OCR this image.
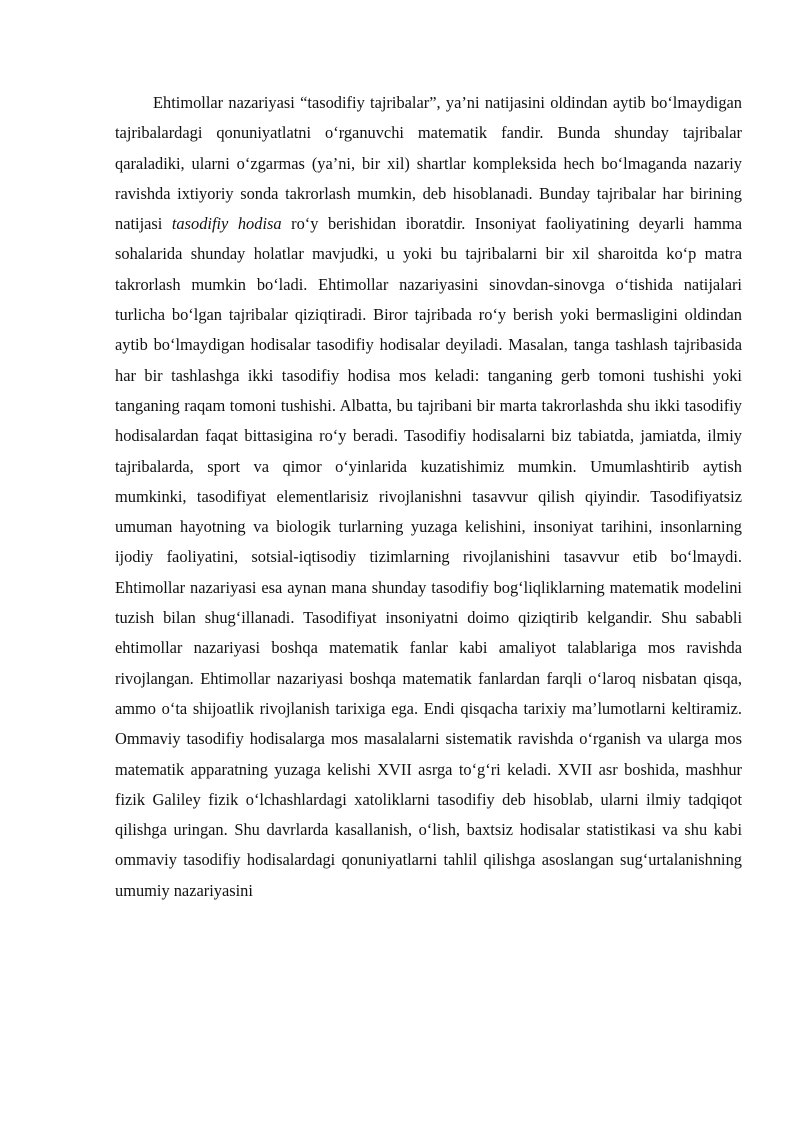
Ehtimollar nazariyasi “tasodifiy tajribalar”, ya’ni natijasini oldindan aytib bo‘lmaydigan tajribalardagi qonuniyatlatni o‘rganuvchi matematik fandir. Bunda shunday tajribalar qaraladiki, ularni o‘zgarmas (ya’ni, bir xil) shartlar kompleksida hech bo‘lmaganda nazariy ravishda ixtiyoriy sonda takrorlash mumkin, deb hisoblanadi. Bunday tajribalar har birining natijasi tasodifiy hodisa ro‘y berishidan iboratdir. Insoniyat faoliyatining deyarli hamma sohalarida shunday holatlar mavjudki, u yoki bu tajribalarni bir xil sharoitda ko‘p matra takrorlash mumkin bo‘ladi. Ehtimollar nazariyasini sinovdan-sinovga o‘tishida natijalari turlicha bo‘lgan tajribalar qiziqtiradi. Biror tajribada ro‘y berish yoki bermasligini oldindan aytib bo‘lmaydigan hodisalar tasodifiy hodisalar deyiladi. Masalan, tanga tashlash tajribasida har bir tashlashga ikki tasodifiy hodisa mos keladi: tanganing gerb tomoni tushishi yoki tanganing raqam tomoni tushishi. Albatta, bu tajribani bir marta takrorlashda shu ikki tasodifiy hodisalardan faqat bittasigina ro‘y beradi. Tasodifiy hodisalarni biz tabiatda, jamiatda, ilmiy tajribalarda, sport va qimor o‘yinlarida kuzatishimiz mumkin. Umumlashtirib aytish mumkinki, tasodifiyat elementlarisiz rivojlanishni tasavvur qilish qiyindir. Tasodifiyatsiz umuman hayotning va biologik turlarning yuzaga kelishini, insoniyat tarihini, insonlarning ijodiy faoliyatini, sotsial-iqtisodiy tizimlarning rivojlanishini tasavvur etib bo‘lmaydi. Ehtimollar nazariyasi esa aynan mana shunday tasodifiy bog‘liqliklarning matematik modelini tuzish bilan shug‘illanadi. Tasodifiyat insoniyatni doimo qiziqtirib kelgandir. Shu sababli ehtimollar nazariyasi boshqa matematik fanlar kabi amaliyot talablariga mos ravishda rivojlangan. Ehtimollar nazariyasi boshqa matematik fanlardan farqli o‘laroq nisbatan qisqa, ammo o‘ta shijoatlik rivojlanish tarixiga ega. Endi qisqacha tarixiy ma’lumotlarni keltiramiz. Ommaviy tasodifiy hodisalarga mos masalalarni sistematik ravishda o‘rganish va ularga mos matematik apparatning yuzaga kelishi XVII asrga to‘g‘ri keladi. XVII asr boshida, mashhur fizik Galiley fizik o‘lchashlardagi xatoliklarni tasodifiy deb hisoblab, ularni ilmiy tadqiqot qilishga uringan. Shu davrlarda kasallanish, o‘lish, baxtsiz hodisalar statistikasi va shu kabi ommaviy tasodifiy hodisalardagi qonuniyatlarni tahlil qilishga asoslangan sug‘urtalanishning umumiy nazariyasini
